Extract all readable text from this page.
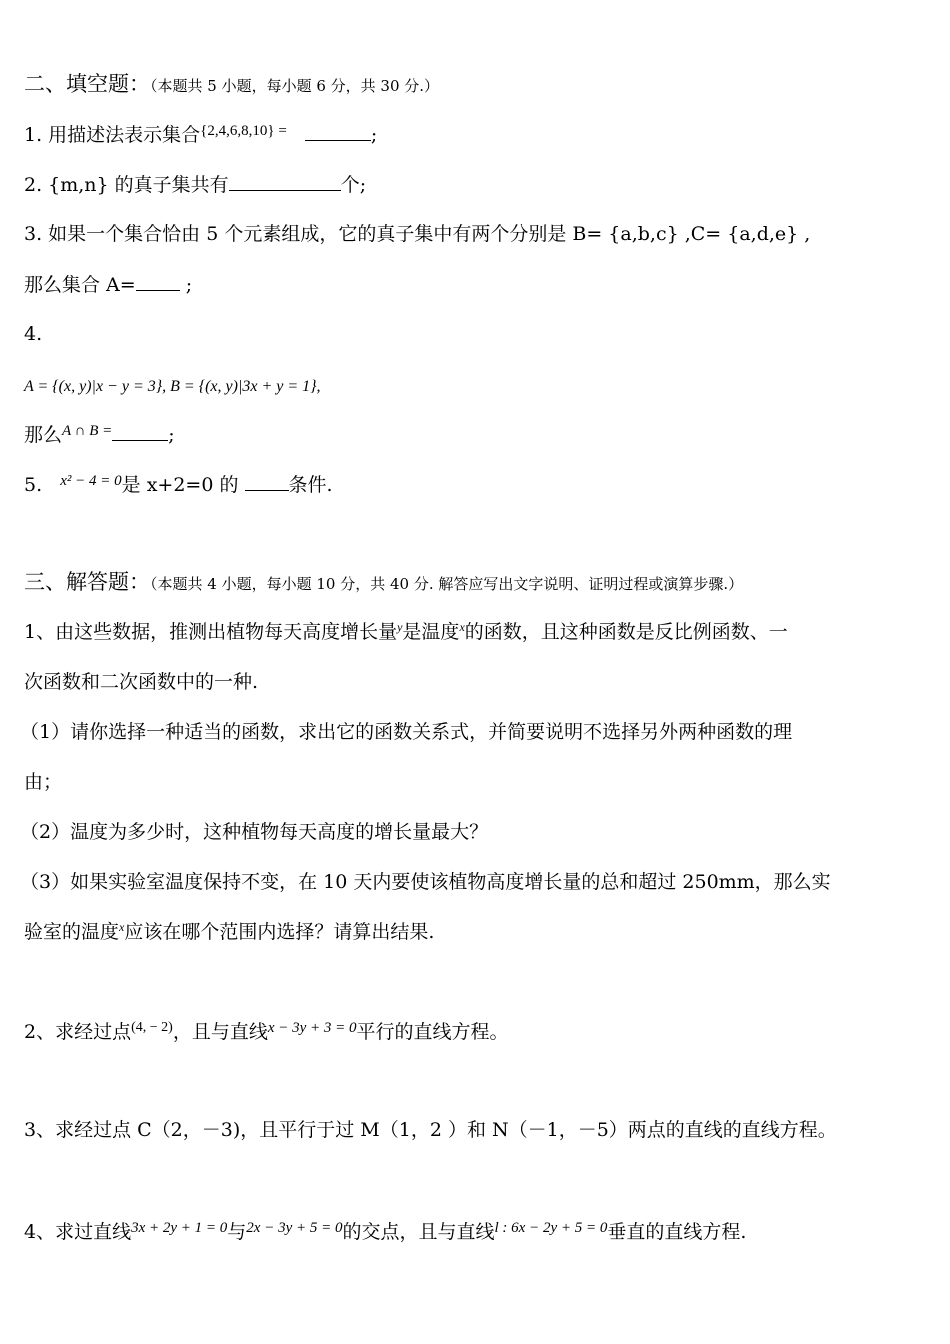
二、填空题：（本题共 5 小题，每小题 6 分，共 30 分.）
1. 用描述法表示集合$^{\{2,4,6,8,10\} =}$	;
2. {m,n} 的真子集共有	个;
3. 如果一个集合恰由 5 个元素组成，它的真子集中有两个分别是 B= {a,b,c} ,C= {a,d,e} ,
那么集合 A= ;
4.
A = {(x, y)|x − y = 3}, B = {(x, y)|3x + y = 1},
那么$^{A \cap B =}$	;
5. $^{x^2 - 4 = 0}$是 x+2=0 的 条件.
三、解答题：（本题共 4 小题，每小题 10 分，共 40 分. 解答应写出文字说明、证明过程或演算步骤.）
1、由这些数据，推测出植物每天高度增长量$^y$是温度$^x$的函数，且这种函数是反比例函数、一
次函数和二次函数中的一种.
（1）请你选择一种适当的函数，求出它的函数关系式，并简要说明不选择另外两种函数的理
由；
（2）温度为多少时，这种植物每天高度的增长量最大？
（3）如果实验室温度保持不变，在 10 天内要使该植物高度增长量的总和超过 250mm，那么实
验室的温度$^x$应该在哪个范围内选择？请算出结果.
2、求经过点$^{(4, - 2)}$，且与直线$^{x - 3y + 3 = 0}$平行的直线方程。
3、求经过点 C（2，－3)，且平行于过 M（1，2 ）和 N（－1，－5）两点的直线的直线方程。
4、求过直线$^{3x + 2y + 1 = 0}$与$^{2x - 3y + 5 = 0}$的交点，且与直线$^{l : 6x - 2y + 5 = 0}$垂直的直线方程.
